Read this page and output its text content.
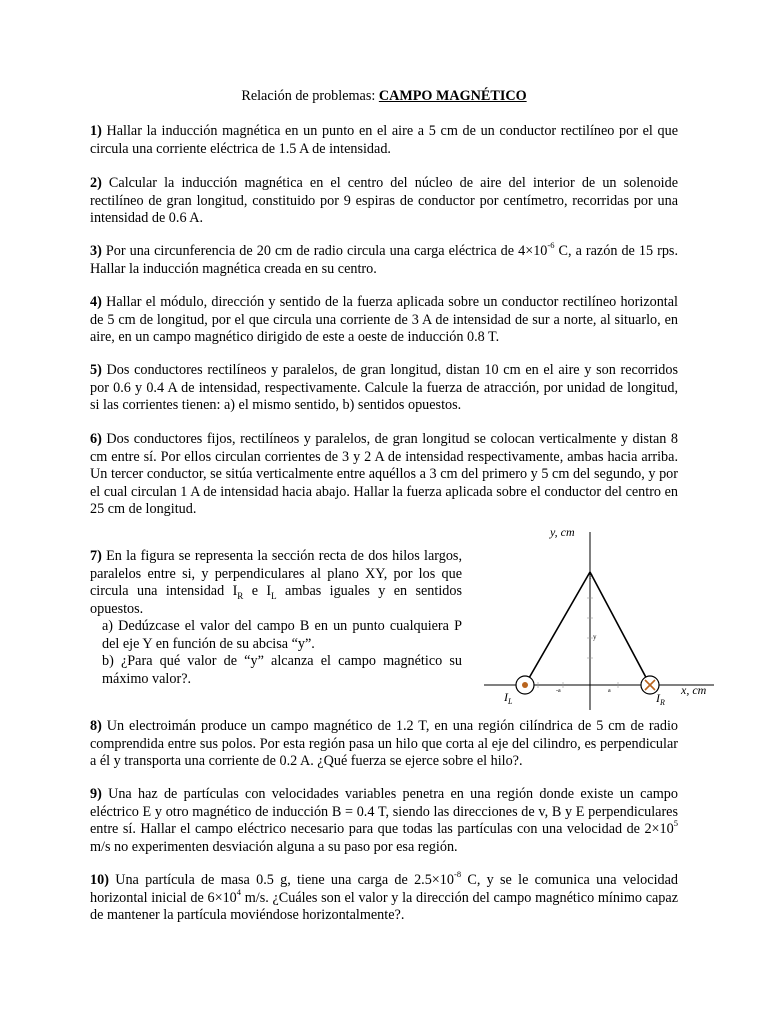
Relación de problemas: CAMPO MAGNÉTICO

1) Hallar la inducción magnética en un punto en el aire a 5 cm de un conductor rectilíneo por el que circula una corriente eléctrica de 1.5 A de intensidad.

2) Calcular la inducción magnética en el centro del núcleo de aire del interior de un solenoide rectilíneo de gran longitud, constituido por 9 espiras de conductor por centímetro, recorridas por una intensidad de 0.6 A.

3) Por una circunferencia de 20 cm de radio circula una carga eléctrica de $4\times 10^{-6}$ C, a razón de 15 rps. Hallar la inducción magnética creada en su centro.

4) Hallar el módulo, dirección y sentido de la fuerza aplicada sobre un conductor rectilíneo horizontal de 5 cm de longitud, por el que circula una corriente de 3 A de intensidad de sur a norte, al situarlo, en aire, en un campo magnético dirigido de este a oeste de inducción 0.8 T.

5) Dos conductores rectilíneos y paralelos, de gran longitud, distan 10 cm en el aire y son recorridos por 0.6 y 0.4 A de intensidad, respectivamente. Calcule la fuerza de atracción, por unidad de longitud, si las corrientes tienen: a) el mismo sentido, b) sentidos opuestos.

6) Dos conductores fijos, rectilíneos y paralelos, de gran longitud se colocan verticalmente y distan 8 cm entre sí. Por ellos circulan corrientes de 3 y 2 A de intensidad respectivamente, ambas hacia arriba. Un tercer conductor, se sitúa verticalmente entre aquéllos a 3 cm del primero y 5 cm del segundo, y por el cual circulan 1 A de intensidad hacia abajo. Hallar la fuerza aplicada sobre el conductor del centro en 25 cm de longitud.

7) En la figura se representa la sección recta de dos hilos largos, paralelos entre si, y perpendiculares al plano XY, por los que circula una intensidad $I_R$ e $I_L$ ambas iguales y en sentidos opuestos.

a) Dedúzcase el valor del campo B en un punto cualquiera P del eje Y en función de su abcisa “y”.

b) ¿Para qué valor de “y” alcanza el campo magnético su máximo valor?.

y, cm
x, cm
P
y
-a	a
$I_L$	$I_R$

8) Un electroimán produce un campo magnético de 1.2 T, en una región cilíndrica de 5 cm de radio comprendida entre sus polos. Por esta región pasa un hilo que corta al eje del cilindro, es perpendicular a él y transporta una corriente de 0.2 A. ¿Qué fuerza se ejerce sobre el hilo?.

9) Una haz de partículas con velocidades variables penetra en una región donde existe un campo eléctrico E y otro magnético de inducción B = 0.4 T, siendo las direcciones de v, B y E perpendiculares entre sí. Hallar el campo eléctrico necesario para que todas las partículas con una velocidad de $2\times 10^5$ m/s no experimenten desviación alguna a su paso por esa región.

10) Una partícula de masa 0.5 g, tiene una carga de $2.5\times 10^{-8}$ C, y se le comunica una velocidad horizontal inicial de $6\times 10^4$ m/s. ¿Cuáles son el valor y la dirección del campo magnético mínimo capaz de mantener la partícula moviéndose horizontalmente?.
